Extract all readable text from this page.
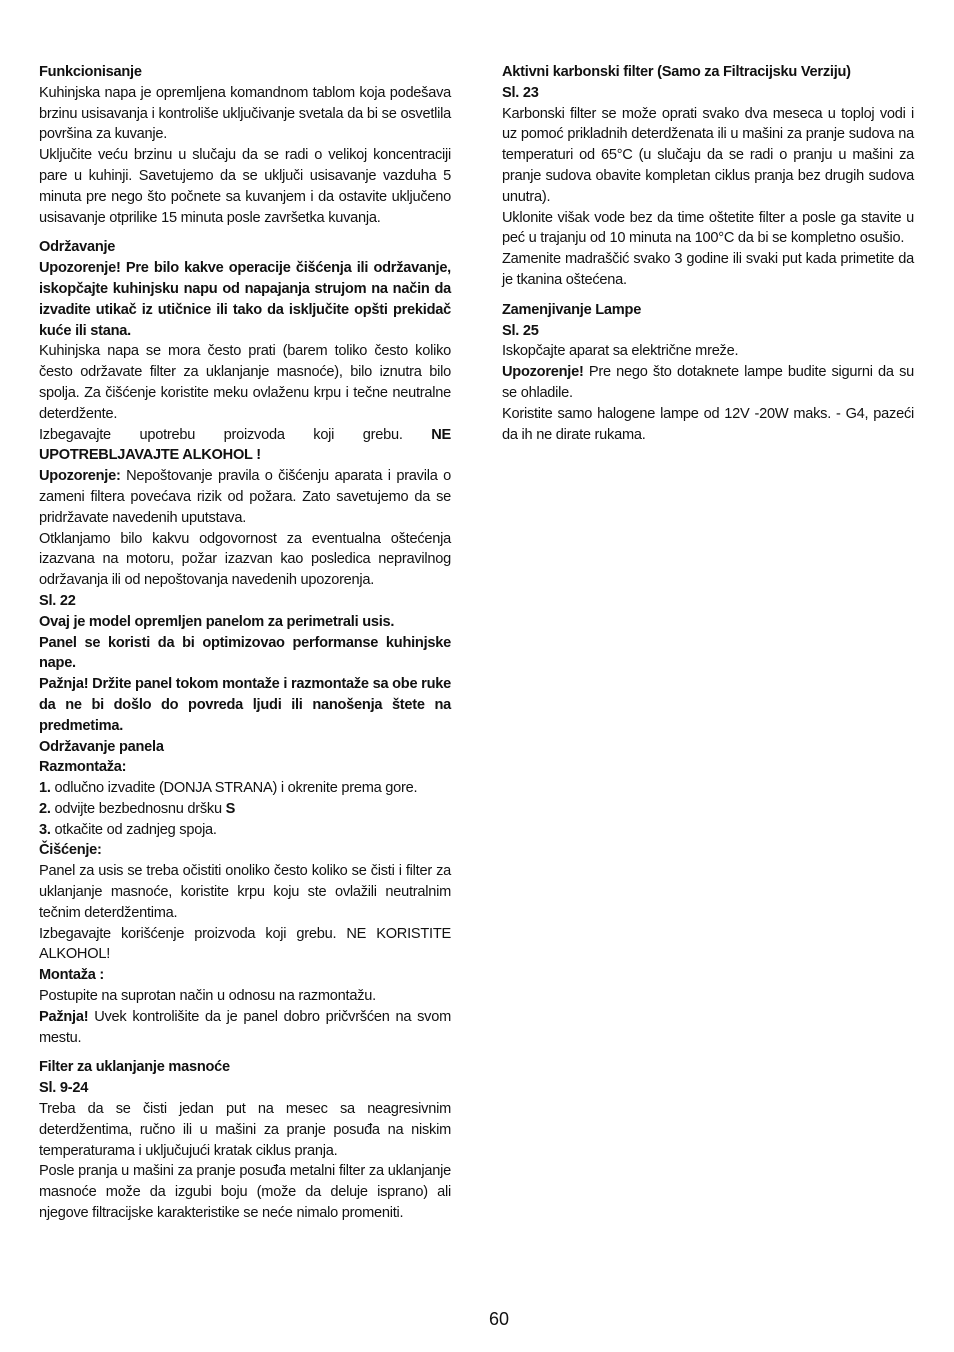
Funkcionisanje

Kuhinjska napa je opremljena komandnom tablom koja podešava brzinu usisavanja i kontroliše uključivanje svetala da bi se osvetlila površina za kuvanje.

Uključite veću brzinu u slučaju da se radi o velikoj koncentraciji pare u kuhinji. Savetujemo da se uključi usisavanje vazduha 5 minuta pre nego što počnete sa kuvanjem i da ostavite uključeno usisavanje otprilike 15 minuta posle završetka kuvanja.

Održavanje

Upozorenje! Pre bilo kakve operacije čišćenja ili održavanje, iskopčajte kuhinjsku napu od napajanja strujom na način da izvadite utikač iz utičnice ili tako da isključite opšti prekidač kuće ili stana.

Kuhinjska napa se mora često prati (barem toliko često koliko često održavate filter za uklanjanje masnoće), bilo iznutra bilo spolja. Za čišćenje koristite meku ovlaženu krpu i tečne neutralne deterdžente.

Izbegavajte upotrebu proizvoda koji grebu. NE UPOTREBLJAVAJTE ALKOHOL !

Upozorenje: Nepoštovanje pravila o čišćenju aparata i pravila o zameni filtera povećava rizik od požara. Zato savetujemo da se pridržavate navedenih uputstava.

Otklanjamo bilo kakvu odgovornost za eventualna oštećenja izazvana na motoru, požar izazvan kao posledica nepravilnog održavanja ili od nepoštovanja navedenih upozorenja.

Sl. 22

Ovaj je model opremljen panelom za perimetrali usis.

Panel se koristi da bi optimizovao performanse kuhinjske nape.

Pažnja! Držite panel tokom montaže i razmontaže sa obe ruke da ne bi došlo do povreda ljudi ili nanošenja štete na predmetima.

Održavanje panela

Razmontaža:

1. odlučno izvadite (DONJA STRANA) i okrenite prema gore.

2. odvijte bezbednosnu dršku S

3. otkačite od zadnjeg spoja.

Čišćenje:

Panel za usis se treba očistiti onoliko često koliko se čisti i filter za uklanjanje masnoće, koristite krpu koju ste ovlažili neutralnim tečnim deterdžentima.

Izbegavajte korišćenje proizvoda koji grebu. NE KORISTITE ALKOHOL!

Montaža :

Postupite na suprotan način u odnosu na razmontažu.

Pažnja! Uvek kontrolišite da je panel dobro pričvršćen na svom mestu.

Filter za uklanjanje masnoće

Sl. 9-24

Treba da se čisti jedan put na mesec sa neagresivnim deterdžentima, ručno ili u mašini za pranje posuđa na niskim temperaturama i uključujući kratak ciklus pranja.

Posle pranja u mašini za pranje posuđa metalni filter za uklanjanje masnoće može da izgubi boju (može da deluje isprano) ali njegove filtracijske karakteristike se neće nimalo promeniti.

Aktivni karbonski filter (Samo za Filtracijsku Verziju)

Sl. 23

Karbonski filter se može oprati svako dva meseca u toploj vodi i uz pomoć prikladnih deterdženata ili u mašini za pranje sudova na temperaturi od 65°C (u slučaju da se radi o pranju u mašini za pranje sudova obavite kompletan ciklus pranja bez drugih sudova unutra).

Uklonite višak vode bez da time oštetite filter a posle ga stavite u peć u trajanju od 10 minuta na 100°C da bi se kompletno osušio.

Zamenite madraščić svako 3 godine ili svaki put kada primetite da je tkanina oštećena.

Zamenjivanje Lampe

Sl. 25

Iskopčajte aparat sa električne mreže.

Upozorenje! Pre nego što dotaknete lampe budite sigurni da su se ohladile.

Koristite samo halogene lampe od 12V -20W maks. - G4, pazeći da ih ne dirate rukama.

60
